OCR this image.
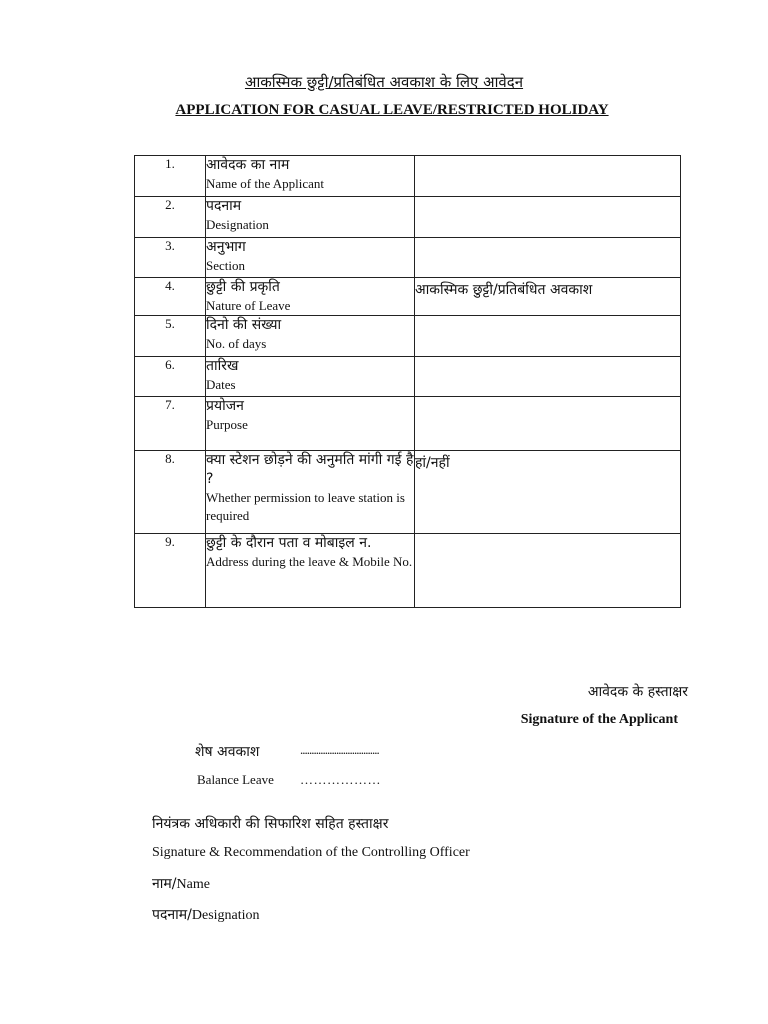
आकस्मिक छुट्टी/प्रतिबंधित अवकाश के लिए आवेदन
APPLICATION FOR CASUAL LEAVE/RESTRICTED HOLIDAY
1.	आवेदक का नाम
Name of the Applicant	

2.	पदनाम
Designation	

3.	अनुभाग
Section	

4.	छुट्टी की प्रकृति
Nature of Leave	आकस्मिक छुट्टी/प्रतिबंधित अवकाश

5.	दिनो की संख्या
No. of days	

6.	तारिख
Dates	

7.	प्रयोजन
Purpose	

8.	क्या स्टेशन छोड़ने की अनुमति मांगी गई है ?
Whether permission to leave station is required	हां/नहीं

9.	छुट्टी के दौरान पता व मोबाइल न.
Address during the leave & Mobile No.	

आवेदक के हस्ताक्षर
Signature of the Applicant
शेष अवकाश	...................................
Balance Leave ………………
नियंत्रक अधिकारी की सिफारिश सहित हस्ताक्षर
Signature & Recommendation of the Controlling Officer
नाम/Name
पदनाम/Designation
